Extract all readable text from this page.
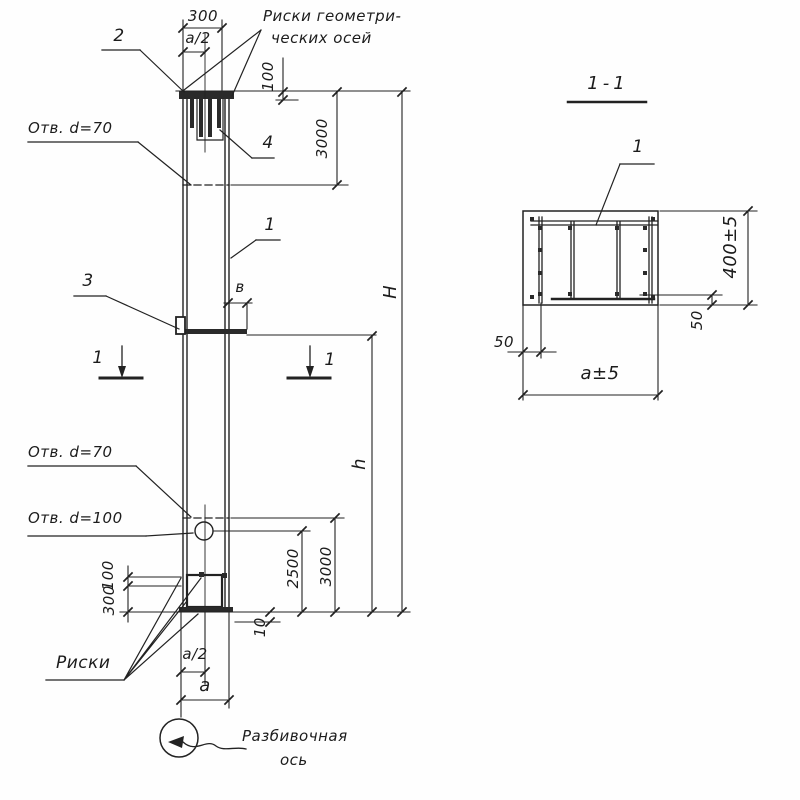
300
a/2
Риски геометри-
ческих осей
2
100
3000
Отв. d=70
4
1
H
3	в
1	1
h
Отв. d=70
Отв. d=100
2500 3000
100
300
10
Риски	a/2
a
Разбивочная
ось
1-1
1
400±5
50
50
a±5
